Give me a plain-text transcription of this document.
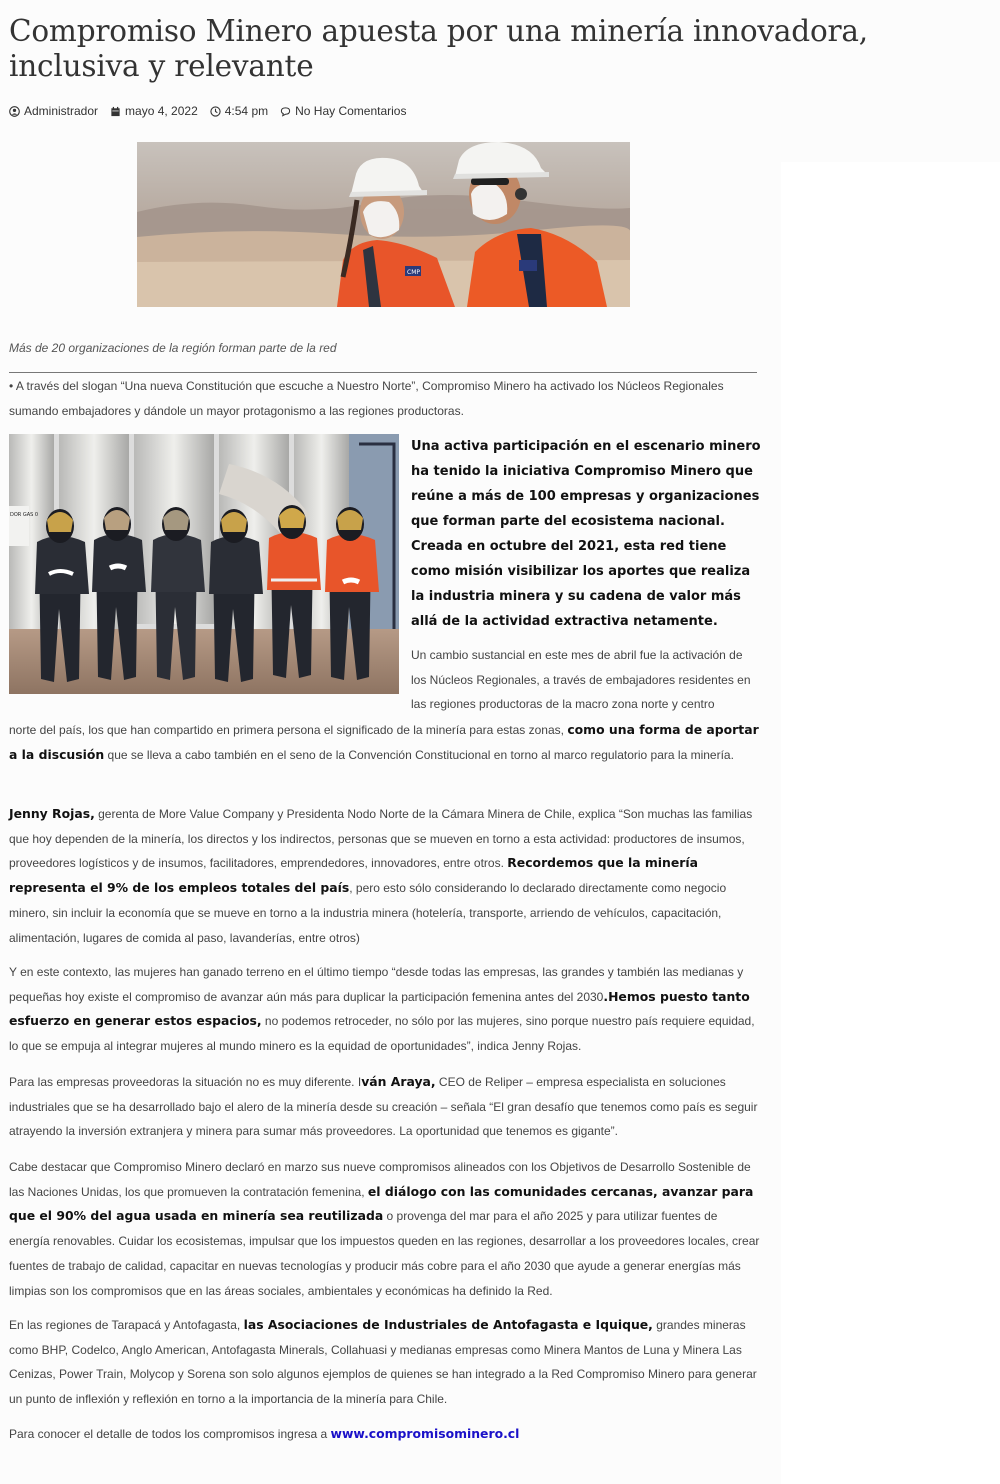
Compromiso Minero apuesta por una minería innovadora, inclusiva y relevante
Administrador mayo 4, 2022 4:54 pm No Hay Comentarios
CMP
Más de 20 organizaciones de la región forman parte de la red
• A través del slogan “Una nueva Constitución que escuche a Nuestro Norte”, Compromiso Minero ha activado los Núcleos Regionales sumando embajadores y dándole un mayor protagonismo a las regiones productoras.
DOR GAS 0
Una activa participación en el escenario minero ha tenido la iniciativa Compromiso Minero que reúne a más de 100 empresas y organizaciones que forman parte del ecosistema nacional. Creada en octubre del 2021, esta red tiene como misión visibilizar los aportes que realiza la industria minera y su cadena de valor más allá de la actividad extractiva netamente.
Un cambio sustancial en este mes de abril fue la activación de los Núcleos Regionales, a través de embajadores residentes en las regiones productoras de la macro zona norte y centro
norte del país, los que han compartido en primera persona el significado de la minería para estas zonas, como una forma de aportar a la discusión que se lleva a cabo también en el seno de la Convención Constitucional en torno al marco regulatorio para la minería.
Jenny Rojas, gerenta de More Value Company y Presidenta Nodo Norte de la Cámara Minera de Chile, explica “Son muchas las familias que hoy dependen de la minería, los directos y los indirectos, personas que se mueven en torno a esta actividad: productores de insumos, proveedores logísticos y de insumos, facilitadores, emprendedores, innovadores, entre otros. Recordemos que la minería representa el 9% de los empleos totales del país, pero esto sólo considerando lo declarado directamente como negocio minero, sin incluir la economía que se mueve en torno a la industria minera (hotelería, transporte, arriendo de vehículos, capacitación, alimentación, lugares de comida al paso, lavanderías, entre otros)
Y en este contexto, las mujeres han ganado terreno en el último tiempo “desde todas las empresas, las grandes y también las medianas y pequeñas hoy existe el compromiso de avanzar aún más para duplicar la participación femenina antes del 2030.Hemos puesto tanto esfuerzo en generar estos espacios, no podemos retroceder, no sólo por las mujeres, sino porque nuestro país requiere equidad, lo que se empuja al integrar mujeres al mundo minero es la equidad de oportunidades”, indica Jenny Rojas.
Para las empresas proveedoras la situación no es muy diferente. Iván Araya, CEO de Reliper – empresa especialista en soluciones industriales que se ha desarrollado bajo el alero de la minería desde su creación – señala “El gran desafío que tenemos como país es seguir atrayendo la inversión extranjera y minera para sumar más proveedores. La oportunidad que tenemos es gigante”.
Cabe destacar que Compromiso Minero declaró en marzo sus nueve compromisos alineados con los Objetivos de Desarrollo Sostenible de las Naciones Unidas, los que promueven la contratación femenina, el diálogo con las comunidades cercanas, avanzar para que el 90% del agua usada en minería sea reutilizada o provenga del mar para el año 2025 y para utilizar fuentes de energía renovables. Cuidar los ecosistemas, impulsar que los impuestos queden en las regiones, desarrollar a los proveedores locales, crear fuentes de trabajo de calidad, capacitar en nuevas tecnologías y producir más cobre para el año 2030 que ayude a generar energías más limpias son los compromisos que en las áreas sociales, ambientales y económicas ha definido la Red.
En las regiones de Tarapacá y Antofagasta, las Asociaciones de Industriales de Antofagasta e Iquique, grandes mineras como BHP, Codelco, Anglo American, Antofagasta Minerals, Collahuasi y medianas empresas como Minera Mantos de Luna y Minera Las Cenizas, Power Train, Molycop y Sorena son solo algunos ejemplos de quienes se han integrado a la Red Compromiso Minero para generar un punto de inflexión y reflexión en torno a la importancia de la minería para Chile.
Para conocer el detalle de todos los compromisos ingresa a www.compromisominero.cl
